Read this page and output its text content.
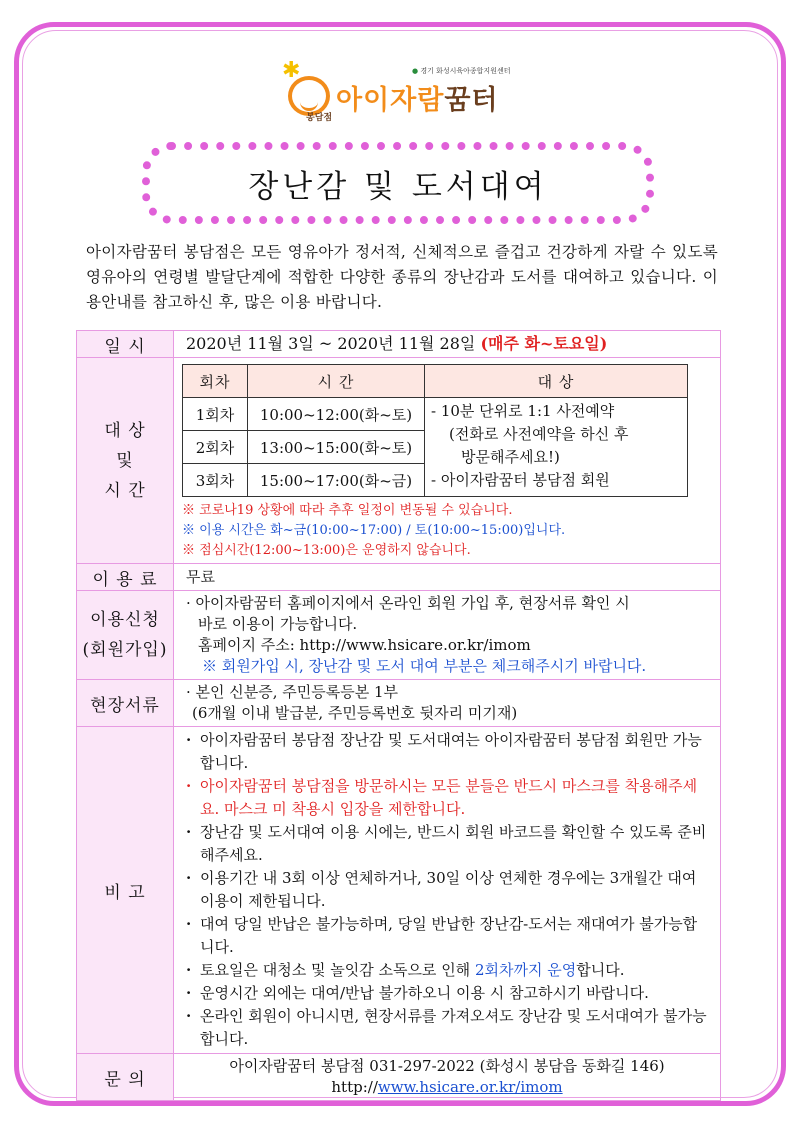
✱	● 경기 화성시육아종합지원센터
아이자람꿈터
봉담점
장난감 및 도서대여
아이자람꿈터 봉담점은 모든 영유아가 정서적, 신체적으로 즐겁고 건강하게 자랄 수 있도록 영유아의 연령별 발달단계에 적합한 다양한 종류의 장난감과 도서를 대여하고 있습니다. 이용안내를 참고하신 후, 많은 이용 바랍니다.
일 시	2020년 11월 3일 ~ 2020년 11월 28일 (매주 화~토요일)

대 상
및
시 간

회차	시 간	대 상
1회차	10:00~12:00(화~토)	- 10분 단위로 1:1 사전예약
(전화로 사전예약을 하신 후
방문해주세요!)
- 아이자람꿈터 봉담점 회원

2회차	13:00~15:00(화~토)
3회차	15:00~17:00(화~금)
※ 코로나19 상황에 따라 추후 일정이 변동될 수 있습니다.
※ 이용 시간은 화~금(10:00~17:00) / 토(10:00~15:00)입니다.
※ 점심시간(12:00~13:00)은 운영하지 않습니다.

이 용 료	무료

이용신청
(회원가입)

· 아이자람꿈터 홈페이지에서 온라인 회원 가입 후, 현장서류 확인 시
바로 이용이 가능합니다.
홈페이지 주소: http://www.hsicare.or.kr/imom
※ 회원가입 시, 장난감 및 도서 대여 부분은 체크해주시기 바랍니다.

현장서류	
· 본인 신분증, 주민등록등본 1부
(6개월 이내 발급분, 주민등록번호 뒷자리 미기재)

비 고	
· 아이자람꿈터 봉담점 장난감 및 도서대여는 아이자람꿈터 봉담점 회원만 가능합니다.
· 아이자람꿈터 봉담점을 방문하시는 모든 분들은 반드시 마스크를 착용해주세요. 마스크 미 착용시 입장을 제한합니다.
· 장난감 및 도서대여 이용 시에는, 반드시 회원 바코드를 확인할 수 있도록 준비해주세요.
· 이용기간 내 3회 이상 연체하거나, 30일 이상 연체한 경우에는 3개월간 대여이용이 제한됩니다.
· 대여 당일 반납은 불가능하며, 당일 반납한 장난감-도서는 재대여가 불가능합니다.
· 토요일은 대청소 및 놀잇감 소독으로 인해 2회차까지 운영합니다.
· 운영시간 외에는 대여/반납 불가하오니 이용 시 참고하시기 바랍니다.
· 온라인 회원이 아니시면, 현장서류를 가져오셔도 장난감 및 도서대여가 불가능합니다.

문 의	
아이자람꿈터 봉담점 031-297-2022 (화성시 봉담읍 동화길 146)
http://www.hsicare.or.kr/imom
